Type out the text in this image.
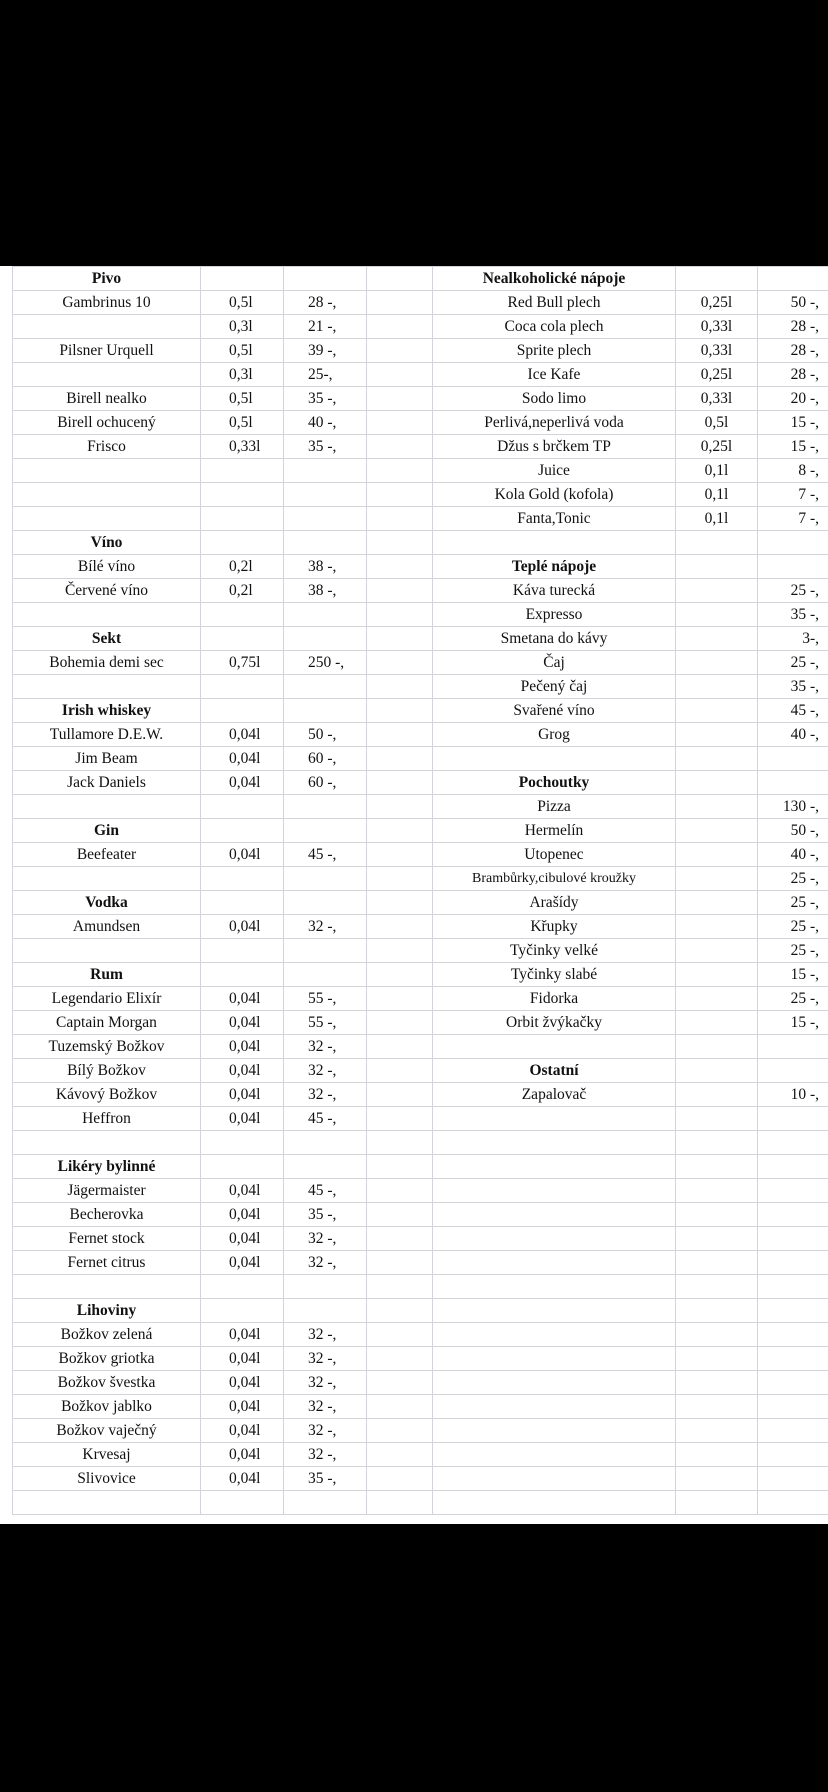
Pivo				Nealkoholické nápoje		
Gambrinus 10	0,5l	28 -,		Red Bull plech	0,25l	50 -,
	0,3l	21 -,		Coca cola plech	0,33l	28 -,
Pilsner Urquell	0,5l	39 -,		Sprite plech	0,33l	28 -,
	0,3l	25-,		Ice Kafe	0,25l	28 -,
Birell nealko	0,5l	35 -,		Sodo limo	0,33l	20 -,
Birell ochucený	0,5l	40 -,		Perlivá,neperlivá voda	0,5l	15 -,
Frisco	0,33l	35 -,		Džus s brčkem TP	0,25l	15 -,
				Juice	0,1l	8 -,
				Kola Gold (kofola)	0,1l	7 -,
				Fanta,Tonic	0,1l	7 -,
Víno						
Bílé víno	0,2l	38 -,		Teplé nápoje		
Červené víno	0,2l	38 -,		Káva turecká		25 -,
				Expresso		35 -,
Sekt				Smetana do kávy		3-,
Bohemia demi sec	0,75l	250 -,		Čaj		25 -,
				Pečený čaj		35 -,
Irish whiskey				Svařené víno		45 -,
Tullamore D.E.W.	0,04l	50 -,		Grog		40 -,
Jim Beam	0,04l	60 -,				
Jack Daniels	0,04l	60 -,		Pochoutky		
				Pizza		130 -,
Gin				Hermelín		50 -,
Beefeater	0,04l	45 -,		Utopenec		40 -,
				Brambůrky,cibulové kroužky		25 -,
Vodka				Arašídy		25 -,
Amundsen	0,04l	32 -,		Křupky		25 -,
				Tyčinky velké		25 -,
Rum				Tyčinky slabé		15 -,
Legendario Elixír	0,04l	55 -,		Fidorka		25 -,
Captain Morgan	0,04l	55 -,		Orbit žvýkačky		15 -,
Tuzemský Božkov	0,04l	32 -,				
Bílý Božkov	0,04l	32 -,		Ostatní		
Kávový Božkov	0,04l	32 -,		Zapalovač		10 -,
Heffron	0,04l	45 -,				

Likéry bylinné						
Jägermaister	0,04l	45 -,				
Becherovka	0,04l	35 -,				
Fernet stock	0,04l	32 -,				
Fernet citrus	0,04l	32 -,				

Lihoviny						
Božkov zelená	0,04l	32 -,				
Božkov griotka	0,04l	32 -,				
Božkov švestka	0,04l	32 -,				
Božkov jablko	0,04l	32 -,				
Božkov vaječný	0,04l	32 -,				
Krvesaj	0,04l	32 -,				
Slivovice	0,04l	35 -,				
